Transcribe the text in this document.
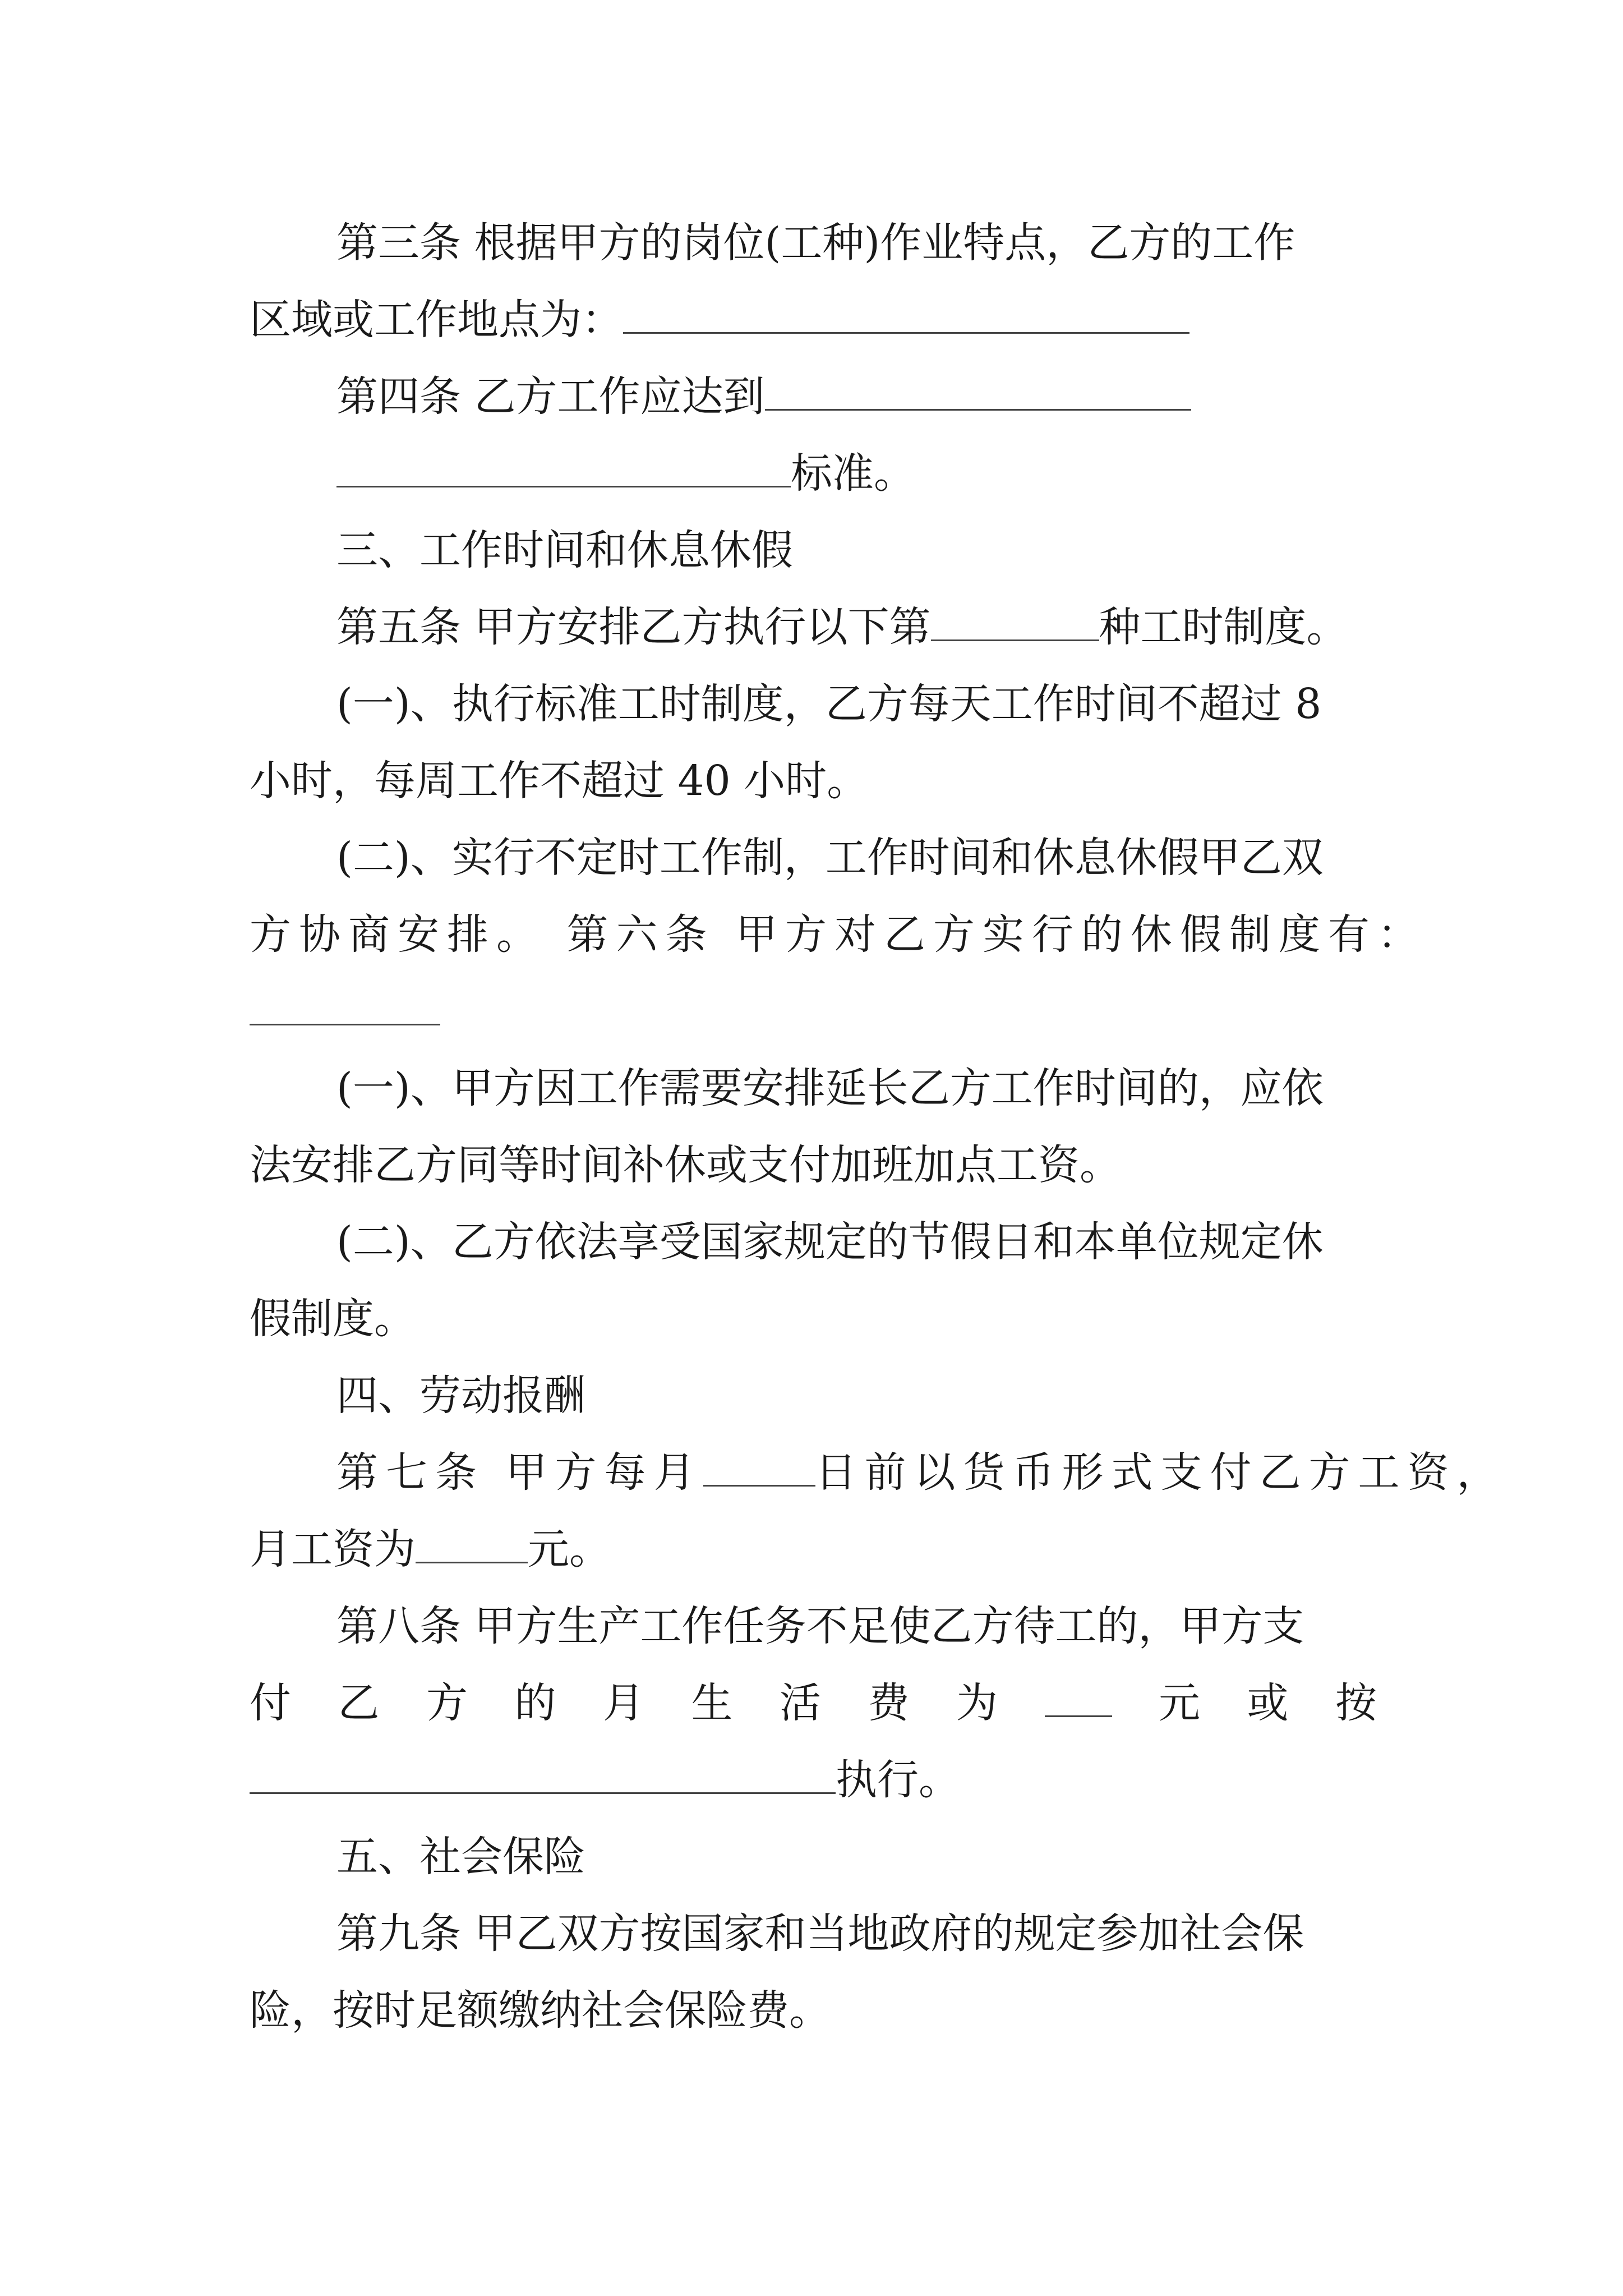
第三条 根据甲方的岗位(工种)作业特点，乙方的工作
区域或工作地点为：
第四条 乙方工作应达到
标准。
三、工作时间和休息休假
第五条 甲方安排乙方执行以下第	种工时制度。
(一)、执行标准工时制度，乙方每天工作时间不超过 8
小时，每周工作不超过 40 小时。
(二)、实行不定时工作制，工作时间和休息休假甲乙双
方协商安排。 第六条 甲方对乙方实行的休假制度有：
(一)、甲方因工作需要安排延长乙方工作时间的，应依
法安排乙方同等时间补休或支付加班加点工资。
(二)、乙方依法享受国家规定的节假日和本单位规定休
假制度。
四、劳动报酬
第七条 甲方每月	日前以货币形式支付乙方工资，
月工资为	元。
第八条 甲方生产工作任务不足使乙方待工的，甲方支
付 乙 方 的 月 生 活 费 为	元 或 按
执行。
五、社会保险
第九条 甲乙双方按国家和当地政府的规定参加社会保
险，按时足额缴纳社会保险费。
